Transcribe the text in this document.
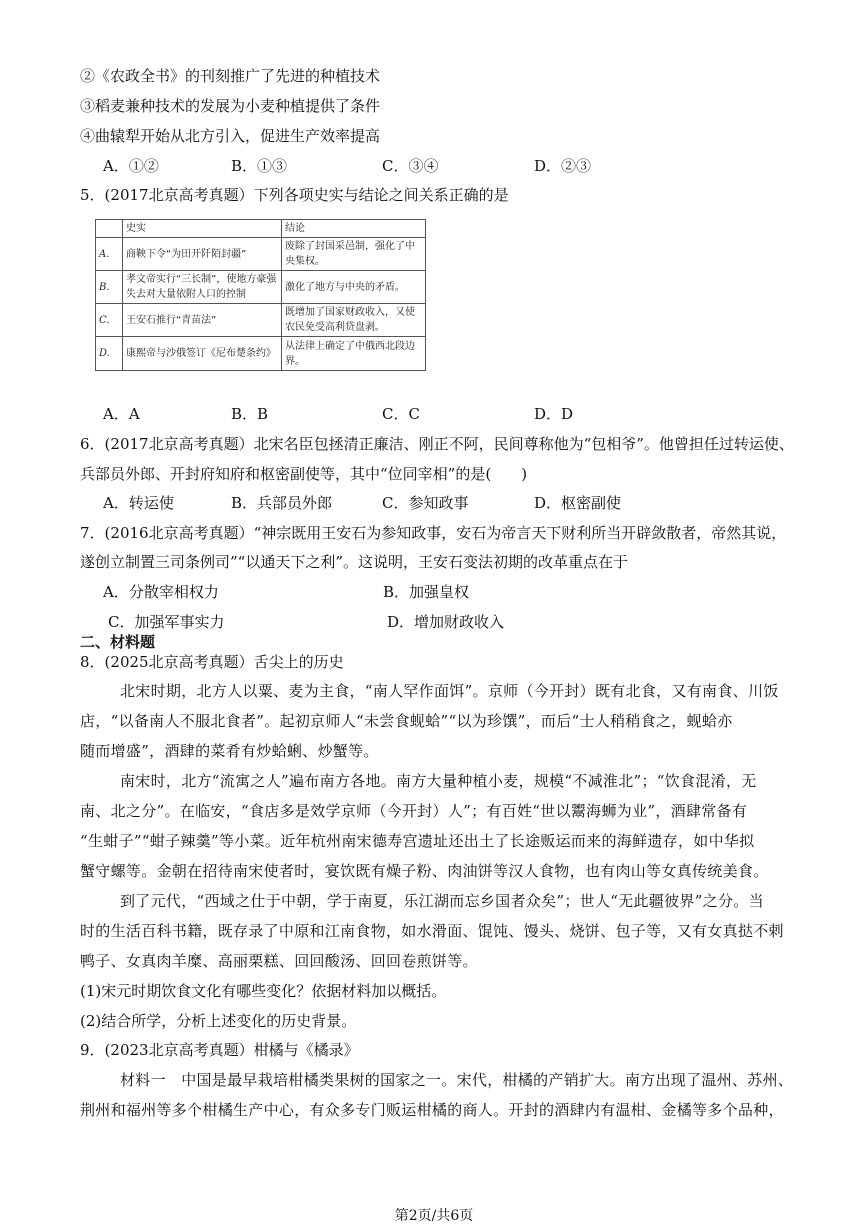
②《农政全书》的刊刻推广了先进的种植技术
③稻麦兼种技术的发展为小麦种植提供了条件
④曲辕犁开始从北方引入，促进生产效率提高
A．①②	B．①③	C．③④	D．②③
5．(2017北京高考真题）下列各项史实与结论之间关系正确的是
	史实	结论
A.	商鞅下令“为田开阡陌封疆”	废除了封国采邑制，强化了中央集权。
B.	孝文帝实行“三长制”，使地方豪强失去对大量依附人口的控制	激化了地方与中央的矛盾。
C.	王安石推行“青苗法”	既增加了国家财政收入，又使农民免受高利贷盘剥。
D.	康熙帝与沙俄签订《尼布楚条约》	从法律上确定了中俄西北段边界。
A．A	B．B	C．C	D．D
6．(2017北京高考真题）北宋名臣包拯清正廉洁、刚正不阿，民间尊称他为“包相爷”。他曾担任过转运使、
兵部员外郎、开封府知府和枢密副使等，其中“位同宰相”的是(　　)
A．转运使	B．兵部员外郎	C．参知政事	D．枢密副使
7．(2016北京高考真题）“神宗既用王安石为参知政事，安石为帝言天下财利所当开辟敛散者，帝然其说，
遂创立制置三司条例司”“以通天下之利”。这说明，王安石变法初期的改革重点在于
A．分散宰相权力	B．加强皇权
C．加强军事实力	D．增加财政收入
二、材料题
8．(2025北京高考真题）舌尖上的历史
北宋时期，北方人以粟、麦为主食，“南人罕作面饵”。京师（今开封）既有北食，又有南食、川饭
店，“以备南人不服北食者”。起初京师人“未尝食蚬蛤”“以为珍馔”，而后“士人稍稍食之，蚬蛤亦
随而增盛”，酒肆的菜肴有炒蛤蜊、炒蟹等。
南宋时，北方“流寓之人”遍布南方各地。南方大量种植小麦，规模“不减淮北”；“饮食混淆，无
南、北之分”。在临安，“食店多是效学京师（今开封）人”；有百姓“世以鬻海蛳为业”，酒肆常备有
“生蚶子”“蚶子辣羹”等小菜。近年杭州南宋德寿宫遗址还出土了长途贩运而来的海鲜遗存，如中华拟
蟹守螺等。金朝在招待南宋使者时，宴饮既有燥子粉、肉油饼等汉人食物，也有肉山等女真传统美食。
到了元代，“西域之仕于中朝，学于南夏，乐江湖而忘乡国者众矣”；世人“无此疆彼界”之分。当
时的生活百科书籍，既存录了中原和江南食物，如水滑面、馄饨、馒头、烧饼、包子等，又有女真挞不剌
鸭子、女真肉羊糜、高丽栗糕、回回酸汤、回回卷煎饼等。
(1)宋元时期饮食文化有哪些变化？依据材料加以概括。
(2)结合所学，分析上述变化的历史背景。
9．(2023北京高考真题）柑橘与《橘录》
材料一　中国是最早栽培柑橘类果树的国家之一。宋代，柑橘的产销扩大。南方出现了温州、苏州、
荆州和福州等多个柑橘生产中心，有众多专门贩运柑橘的商人。开封的酒肆内有温柑、金橘等多个品种，
第2页/共6页
